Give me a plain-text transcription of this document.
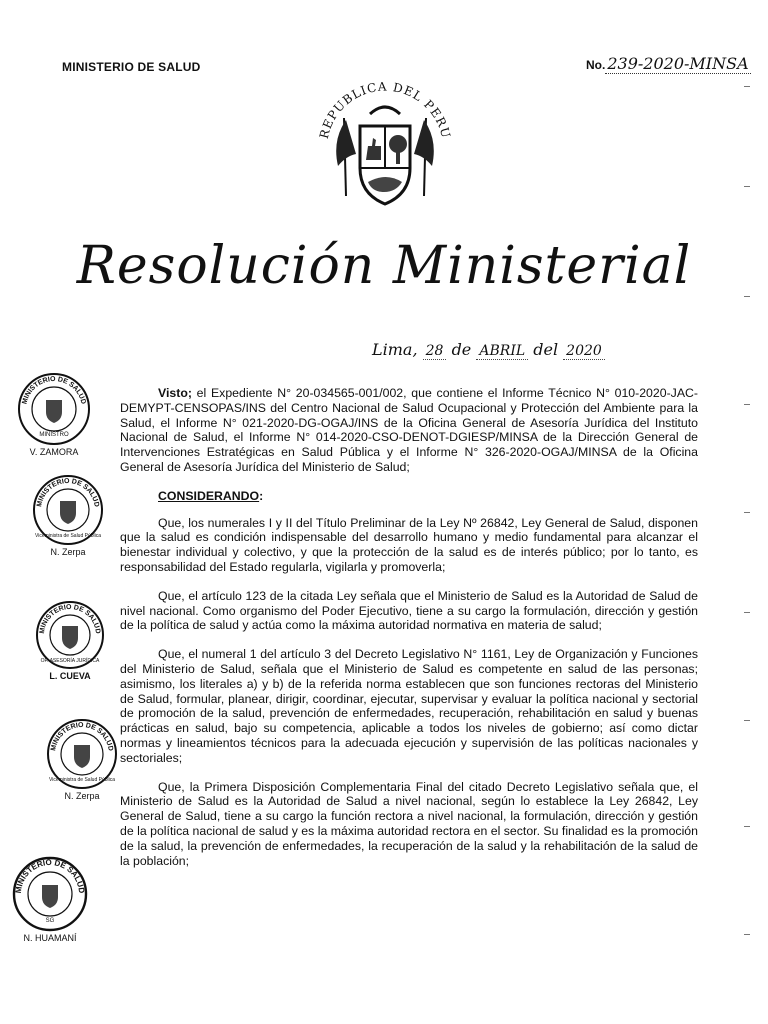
MINISTERIO DE SALUD	No. 239-2020-MINSA
REPUBLICA DEL PERU
Resolución Ministerial
Lima, 28 de ABRIL del 2020

Visto; el Expediente N° 20-034565-001/002, que contiene el Informe Técnico N° 010-2020-JAC-DEMYPT-CENSOPAS/INS del Centro Nacional de Salud Ocupacional y Protección del Ambiente para la Salud, el Informe N° 021-2020-DG-OGAJ/INS de la Oficina General de Asesoría Jurídica del Instituto Nacional de Salud, el Informe N° 014-2020-CSO-DENOT-DGIESP/MINSA de la Dirección General de Intervenciones Estratégicas en Salud Pública y el Informe N° 326-2020-OGAJ/MINSA de la Oficina General de Asesoría Jurídica del Ministerio de Salud;

CONSIDERANDO:

Que, los numerales I y II del Título Preliminar de la Ley Nº 26842, Ley General de Salud, disponen que la salud es condición indispensable del desarrollo humano y medio fundamental para alcanzar el bienestar individual y colectivo, y que la protección de la salud es de interés público; por lo tanto, es responsabilidad del Estado regularla, vigilarla y promoverla;

Que, el artículo 123 de la citada Ley señala que el Ministerio de Salud es la Autoridad de Salud de nivel nacional. Como organismo del Poder Ejecutivo, tiene a su cargo la formulación, dirección y gestión de la política de salud y actúa como la máxima autoridad normativa en materia de salud;

Que, el numeral 1 del artículo 3 del Decreto Legislativo N° 1161, Ley de Organización y Funciones del Ministerio de Salud, señala que el Ministerio de Salud es competente en salud de las personas; asimismo, los literales a) y b) de la referida norma establecen que son funciones rectoras del Ministerio de Salud, formular, planear, dirigir, coordinar, ejecutar, supervisar y evaluar la política nacional y sectorial de promoción de la salud, prevención de enfermedades, recuperación, rehabilitación en salud y buenas prácticas en salud, bajo su competencia, aplicable a todos los niveles de gobierno; así como dictar normas y lineamientos técnicos para la adecuada ejecución y supervisión de las políticas nacionales y sectoriales;

Que, la Primera Disposición Complementaria Final del citado Decreto Legislativo señala que, el Ministerio de Salud es la Autoridad de Salud a nivel nacional, según lo establece la Ley 26842, Ley General de Salud, tiene a su cargo la función rectora a nivel nacional, la formulación, dirección y gestión de la política nacional de salud y es la máxima autoridad rectora en el sector. Su finalidad es la promoción de la salud, la prevención de enfermedades, la recuperación de la salud y la rehabilitación de la salud de la población;

MINISTERIO DE SALUD
MINISTRO
V. ZAMORA
MINISTERIO DE SALUD
Viceministra de Salud Pública
N. Zerpa
MINISTERIO DE SALUD
OF. ASESORÍA JURÍDICA
L. CUEVA
MINISTERIO DE SALUD
Viceministra de Salud Pública
N. Zerpa
MINISTERIO DE SALUD
SG
N. HUAMANÍ
